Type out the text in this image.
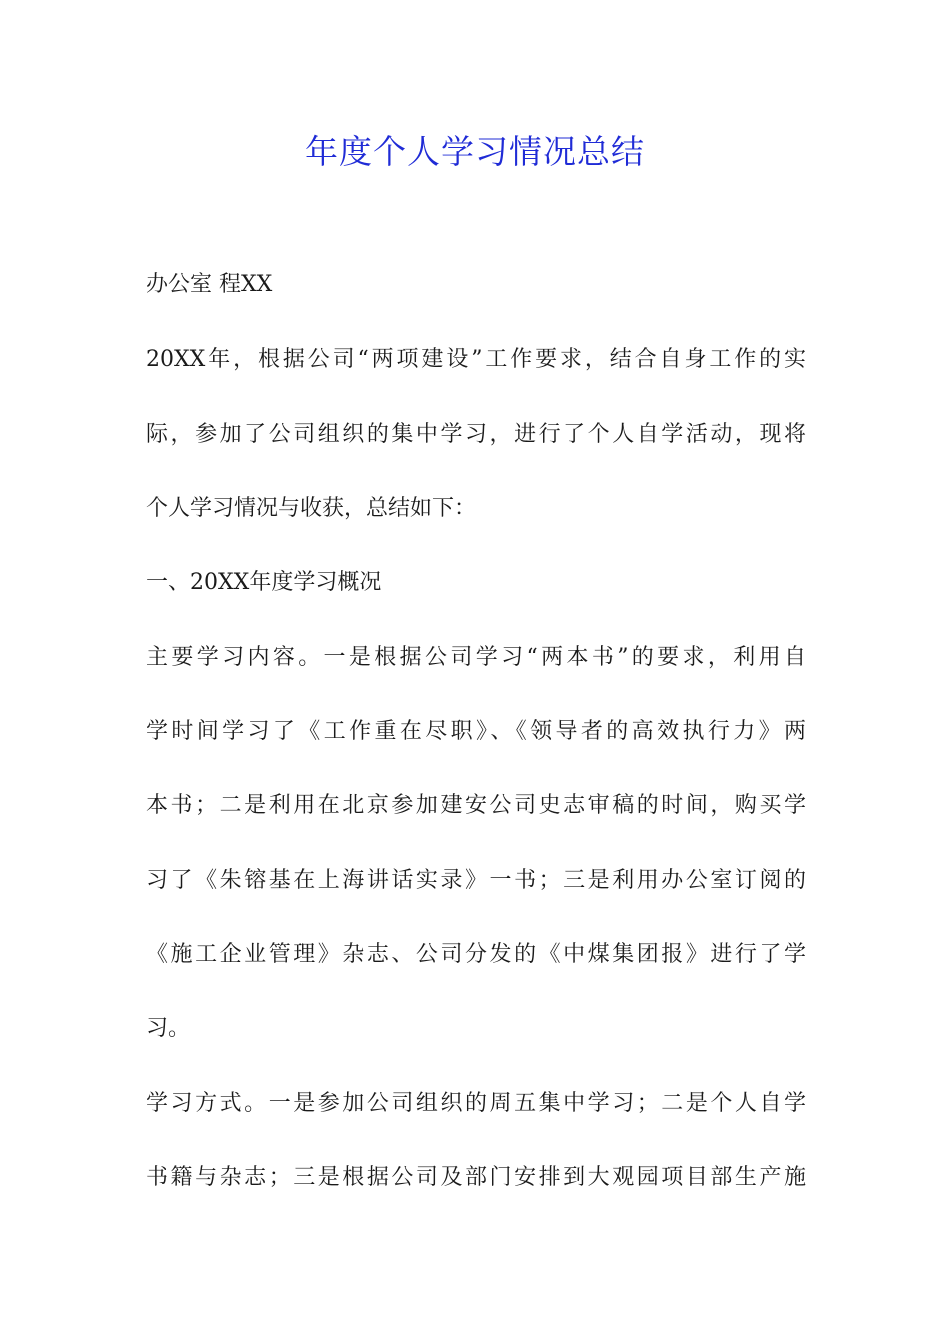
年度个人学习情况总结

办公室 程XX

20XX年，根据公司“两项建设”工作要求，结合自身工作的实

际，参加了公司组织的集中学习，进行了个人自学活动，现将

个人学习情况与收获，总结如下：

一、20XX年度学习概况

主要学习内容。一是根据公司学习“两本书”的要求，利用自

学时间学习了《工作重在尽职》、《领导者的高效执行力》两

本书；二是利用在北京参加建安公司史志审稿的时间，购买学

习了《朱镕基在上海讲话实录》一书；三是利用办公室订阅的

《施工企业管理》杂志、公司分发的《中煤集团报》进行了学

习。

学习方式。一是参加公司组织的周五集中学习；二是个人自学

书籍与杂志；三是根据公司及部门安排到大观园项目部生产施
